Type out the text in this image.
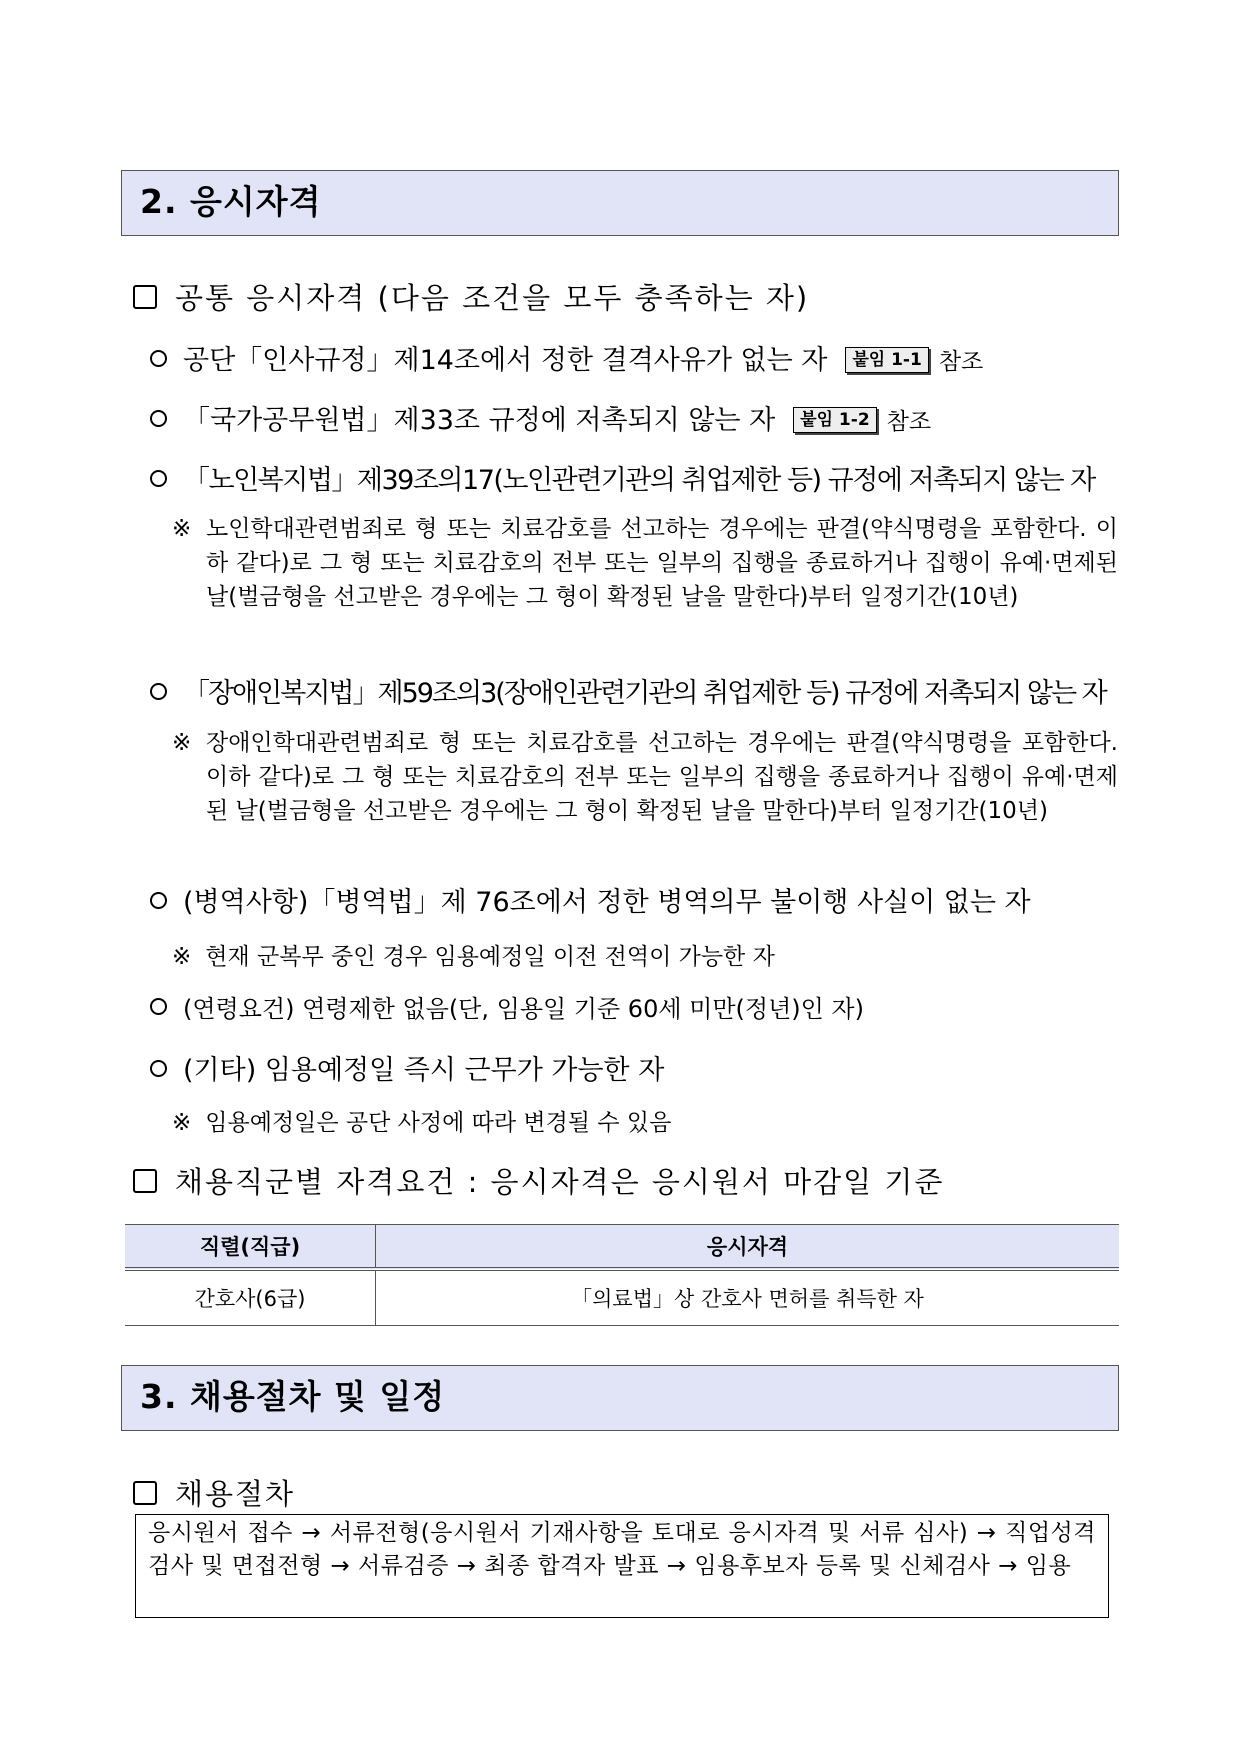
2. 응시자격
공통 응시자격 (다음 조건을 모두 충족하는 자)
공단「인사규정」제14조에서 정한 결격사유가 없는 자 붙임 1-1 참조
「국가공무원법」제33조 규정에 저촉되지 않는 자 붙임 1-2 참조
「노인복지법」제39조의17(노인관련기관의 취업제한 등) 규정에 저촉되지 않는 자
※ 노인학대관련범죄로 형 또는 치료감호를 선고하는 경우에는 판결(약식명령을 포함한다. 이하 같다)로 그 형 또는 치료감호의 전부 또는 일부의 집행을 종료하거나 집행이 유예·면제된 날(벌금형을 선고받은 경우에는 그 형이 확정된 날을 말한다)부터 일정기간(10년)
「장애인복지법」제59조의3(장애인관련기관의 취업제한 등) 규정에 저촉되지 않는 자
※ 장애인학대관련범죄로 형 또는 치료감호를 선고하는 경우에는 판결(약식명령을 포함한다. 이하 같다)로 그 형 또는 치료감호의 전부 또는 일부의 집행을 종료하거나 집행이 유예·면제된 날(벌금형을 선고받은 경우에는 그 형이 확정된 날을 말한다)부터 일정기간(10년)
(병역사항)「병역법」제 76조에서 정한 병역의무 불이행 사실이 없는 자
※ 현재 군복무 중인 경우 임용예정일 이전 전역이 가능한 자
(연령요건) 연령제한 없음(단, 임용일 기준 60세 미만(정년)인 자)
(기타) 임용예정일 즉시 근무가 가능한 자
※ 임용예정일은 공단 사정에 따라 변경될 수 있음
채용직군별 자격요건 : 응시자격은 응시원서 마감일 기준
직렬(직급)	응시자격
간호사(6급)	「의료법」상 간호사 면허를 취득한 자
3. 채용절차 및 일정
채용절차
응시원서 접수 → 서류전형(응시원서 기재사항을 토대로 응시자격 및 서류 심사) → 직업성격 검사 및 면접전형 → 서류검증 → 최종 합격자 발표 → 임용후보자 등록 및 신체검사 → 임용
